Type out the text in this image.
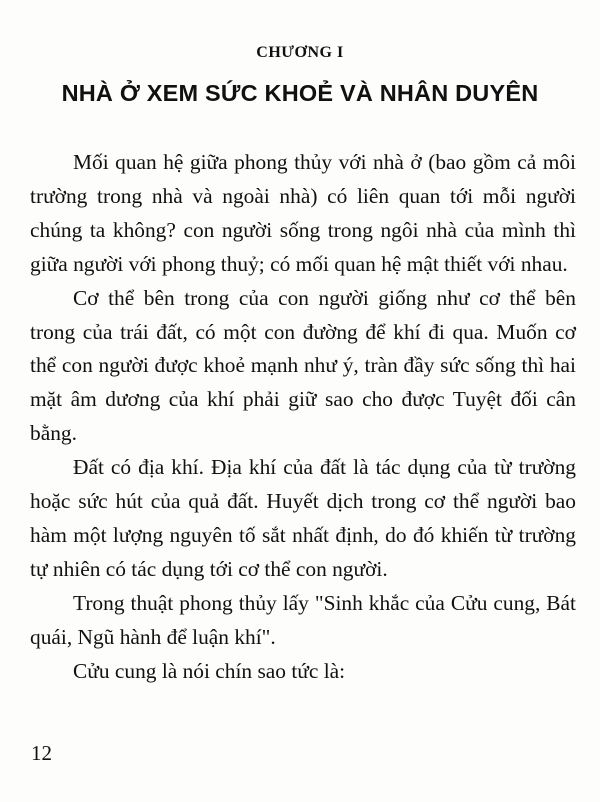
CHƯƠNG I
NHÀ Ở XEM SỨC KHOẺ VÀ NHÂN DUYÊN

Mối quan hệ giữa phong thủy với nhà ở (bao gồm cả môi trường trong nhà và ngoài nhà) có liên quan tới mỗi người chúng ta không? con người sống trong ngôi nhà của mình thì giữa người với phong thuỷ; có mối quan hệ mật thiết với nhau.

Cơ thể bên trong của con người giống như cơ thể bên trong của trái đất, có một con đường để khí đi qua. Muốn cơ thể con người được khoẻ mạnh như ý, tràn đầy sức sống thì hai mặt âm dương của khí phải giữ sao cho được Tuyệt đối cân bằng.

Đất có địa khí. Địa khí của đất là tác dụng của từ trường hoặc sức hút của quả đất. Huyết dịch trong cơ thể người bao hàm một lượng nguyên tố sắt nhất định, do đó khiến từ trường tự nhiên có tác dụng tới cơ thể con người.

Trong thuật phong thủy lấy "Sinh khắc của Cửu cung, Bát quái, Ngũ hành để luận khí".

Cửu cung là nói chín sao tức là:

12
